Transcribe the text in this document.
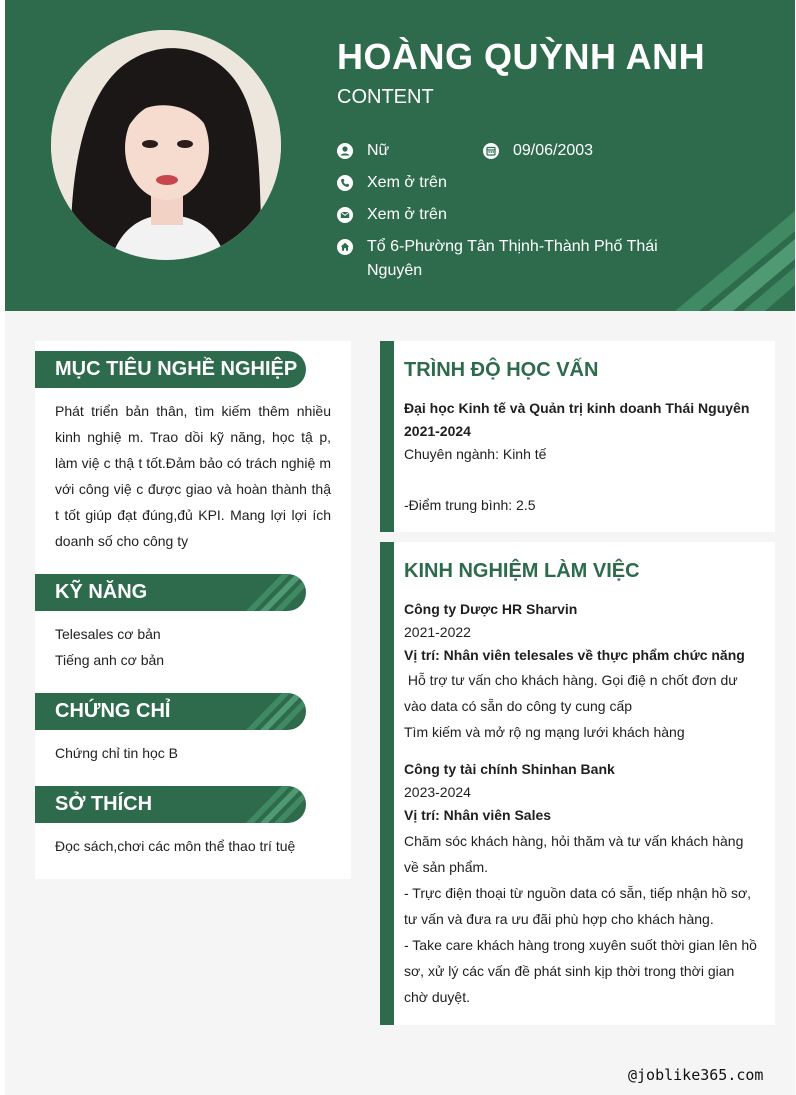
HOÀNG QUỲNH ANH
CONTENT
Nữ	09/06/2003
Xem ở trên
Xem ở trên
Tổ 6-Phường Tân Thịnh-Thành Phố Thái Nguyên
MỤC TIÊU NGHỀ NGHIỆP
Phát triển bản thân, tìm kiếm thêm nhiều kinh nghiệ m. Trao dồi kỹ năng, học tậ p, làm việ c thậ t tốt.Đảm bảo có trách nghiệ m với công việ c được giao và hoàn thành thậ t tốt giúp đạt đúng,đủ KPI. Mang lợi lợi ích doanh số cho công ty
KỸ NĂNG
Telesales cơ bản
Tiếng anh cơ bản
CHỨNG CHỈ
Chứng chỉ tin học B
SỞ THÍCH
Đọc sách,chơi các môn thể thao trí tuệ
TRÌNH ĐỘ HỌC VẤN
Đại học Kinh tế và Quản trị kinh doanh Thái Nguyên
2021-2024
Chuyên ngành: Kinh tế
-Điểm trung bình: 2.5
KINH NGHIỆM LÀM VIỆC
Công ty Dược HR Sharvin
2021-2022
Vị trí: Nhân viên telesales về thực phẩm chức năng
Hỗ trợ tư vấn cho khách hàng. Gọi điệ n chốt đơn dư vào data có sẵn do công ty cung cấp
Tìm kiếm và mở rộ ng mạng lưới khách hàng
Công ty tài chính Shinhan Bank
2023-2024
Vị trí: Nhân viên Sales
Chăm sóc khách hàng, hỏi thăm và tư vấn khách hàng về sản phẩm.
- Trực điện thoại từ nguồn data có sẵn, tiếp nhận hồ sơ, tư vấn và đưa ra ưu đãi phù hợp cho khách hàng.
- Take care khách hàng trong xuyên suốt thời gian lên hồ sơ, xử lý các vấn đề phát sinh kịp thời trong thời gian chờ duyệt.
@joblike365.com
